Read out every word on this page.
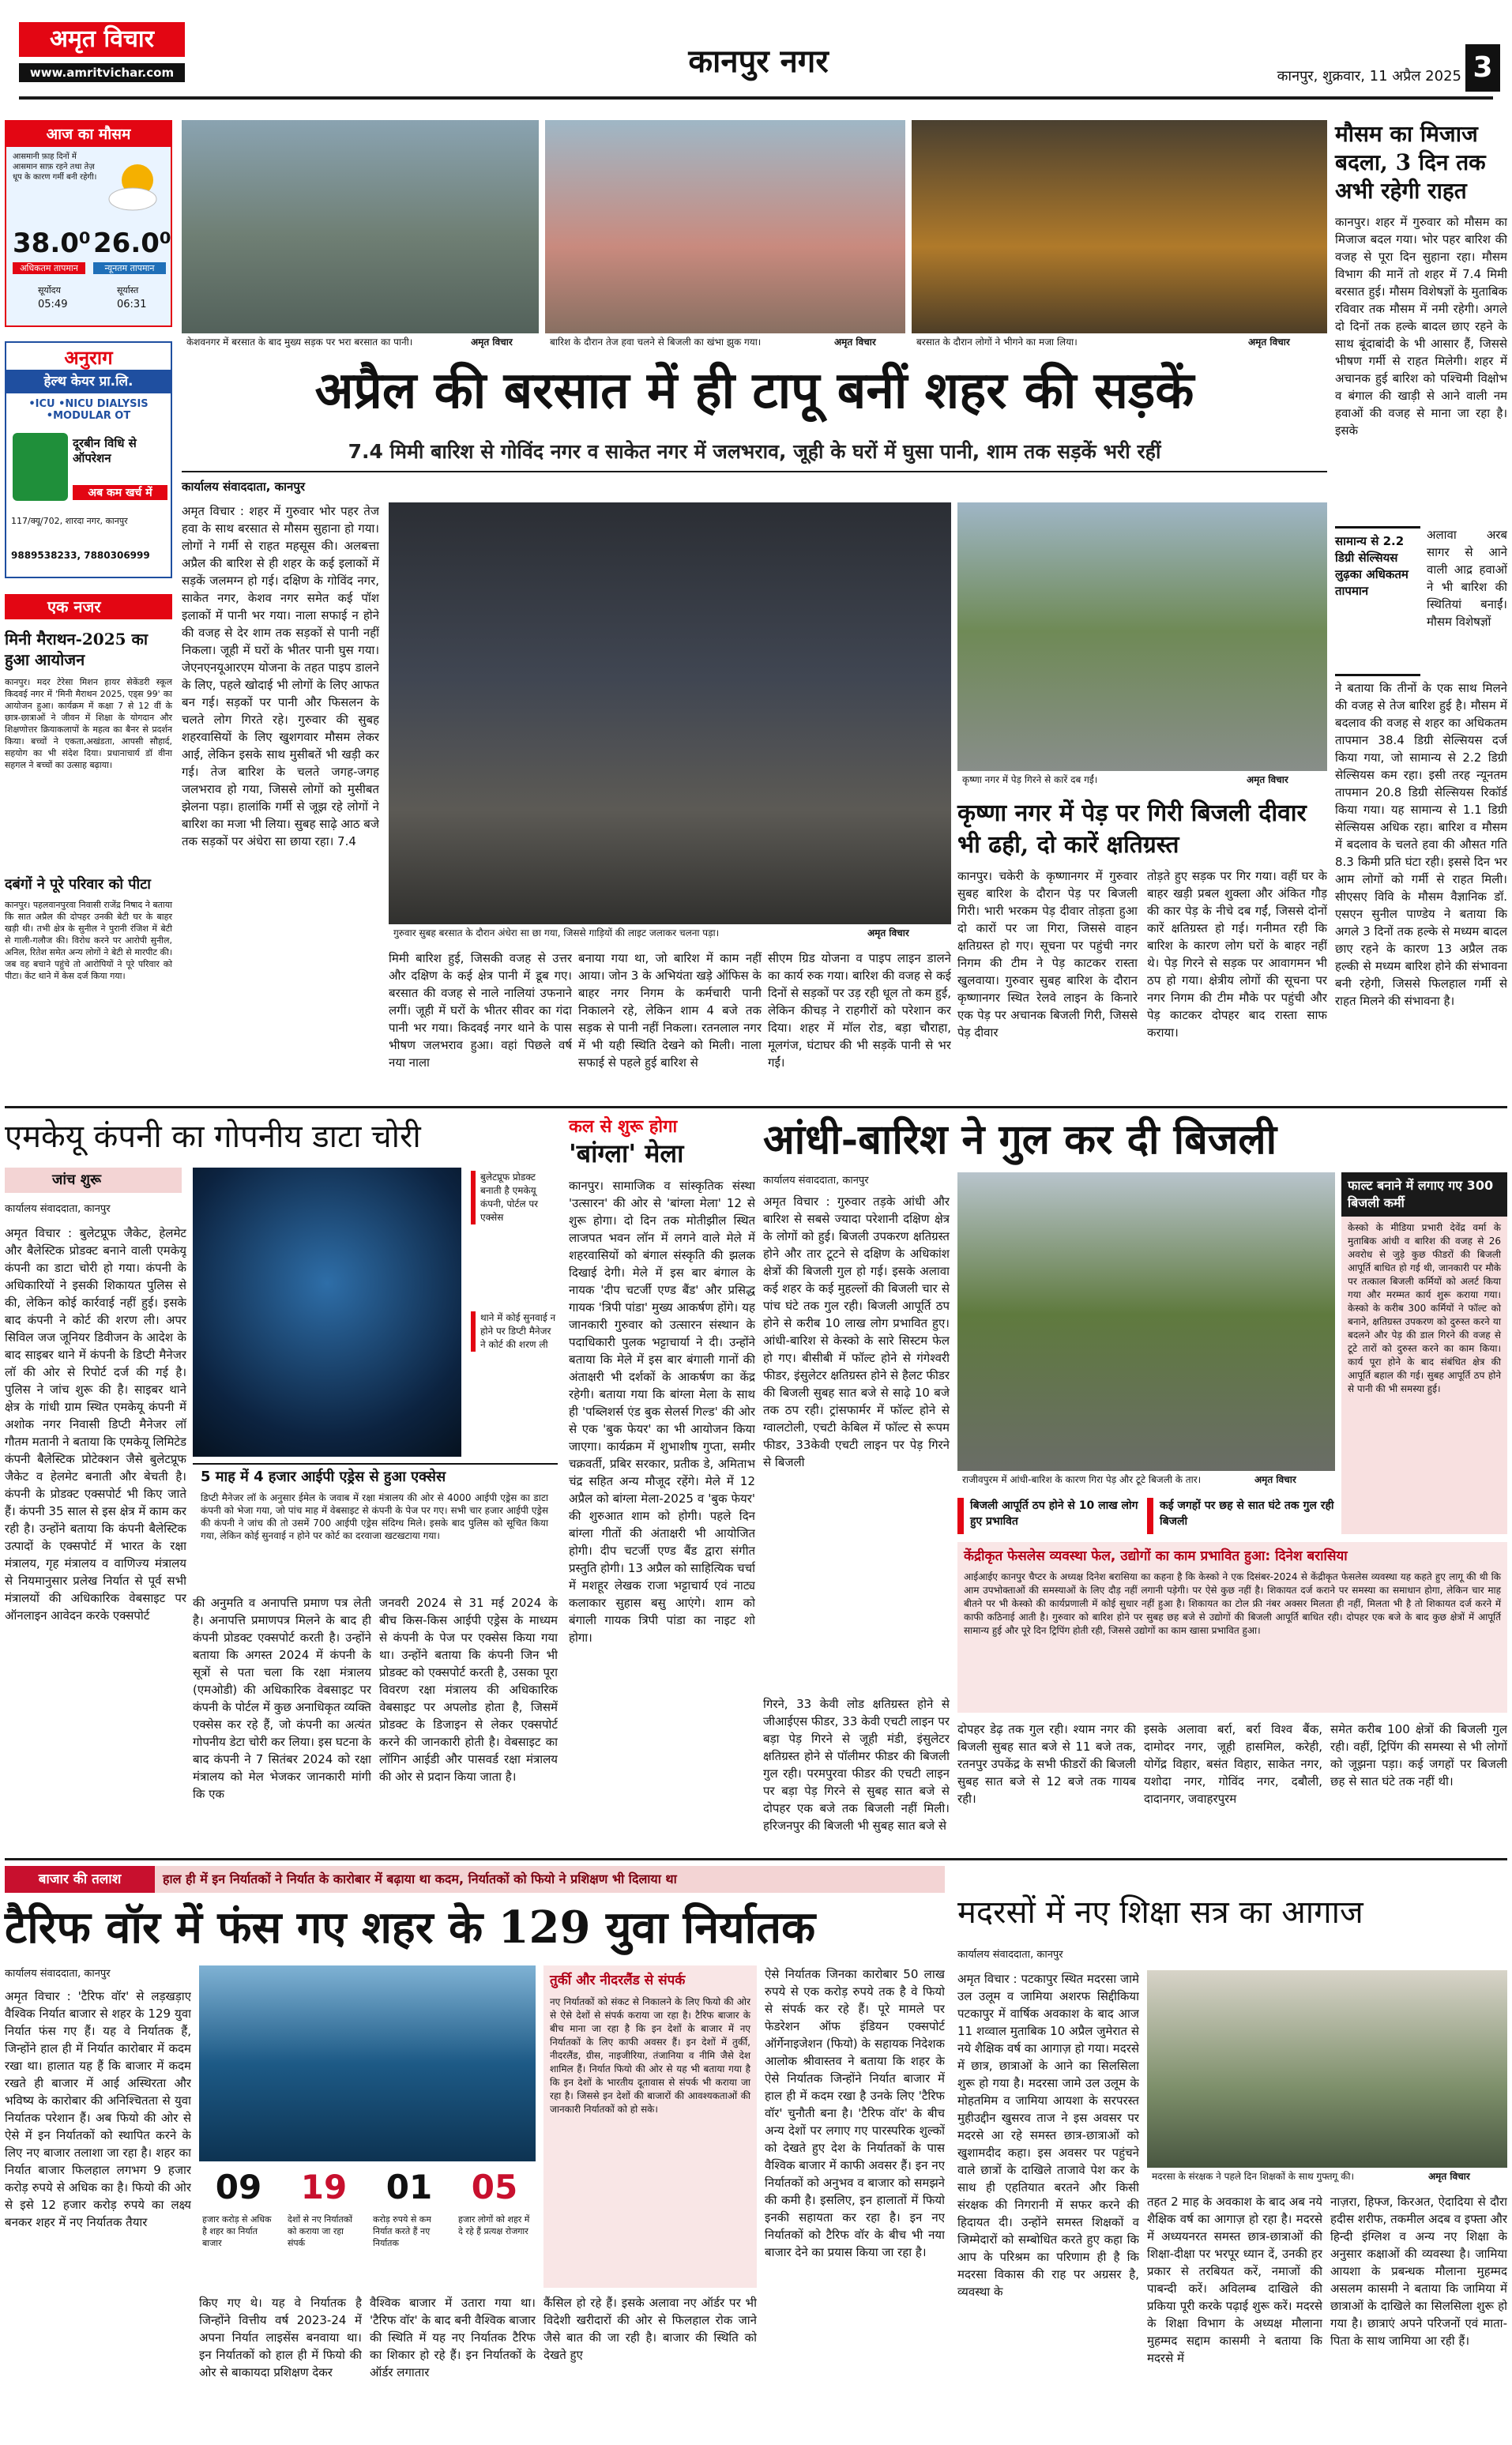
अमृत विचार
www.amritvichar.com	कानपुर नगर	कानपुर, शुक्रवार, 11 अप्रैल 2025 3
आज का मौसम
आसमानी फ़ाह दिनों में आसमान साफ़ रहने तथा तेज़ धूप के कारण गर्मी बनी रहेगी।
38.0⁰
अधिकतम तापमान
26.0⁰
न्यूनतम तापमान
सूर्योदय
05:49
सूर्यास्त
06:31
अनुराग
हेल्थ केयर प्रा.लि.
•ICU •NICU DIALYSIS •MODULAR OT
दूरबीन विधि से ऑपरेशन
अब कम खर्च में
117/क्यू/702, शारदा नगर, कानपुर
9889538233, 7880306999
एक नजर
मिनी मैराथन-2025 का हुआ आयोजन
कानपुर। मदर टेरेसा मिशन हायर सेकेंडरी स्कूल किदवई नगर में 'मिनी मैराथन 2025, एड्स 99' का आयोजन हुआ। कार्यक्रम में कक्षा 7 से 12 वीं के छात्र-छात्राओं ने जीवन में शिक्षा के योगदान और शिक्षणोत्तर क्रियाकलापों के महत्व का बैनर से प्रदर्शन किया। बच्चों ने एकता,अखंडता, आपसी सौहार्द, सहयोग का भी संदेश दिया। प्रधानाचार्य डॉ वीना सहगल ने बच्चों का उत्साह बढ़ाया।
दबंगों ने पूरे परिवार को पीटा
कानपुर। पहलवानपुरवा निवासी राजेंद्र निषाद ने बताया कि सात अप्रैल की दोपहर उनकी बेटी घर के बाहर खड़ी थी। तभी क्षेत्र के सुनील ने पुरानी रंजिश में बेटी से गाली-गलौज की। विरोध करने पर आरोपी सुनील, अनिल, रितेश समेत अन्य लोगों ने बेटी से मारपीट की। जब वह बचाने पहुंचे तो आरोपियों ने पूरे परिवार को पीटा। केंट थाने में केस दर्ज किया गया।
केशवनगर में बरसात के बाद मुख्य सड़क पर भरा बरसात का पानी।	अमृत विचार	बारिश के दौरान तेज हवा चलने से बिजली का खंभा झुक गया।	अमृत विचार	बरसात के दौरान लोगों ने भीगने का मजा लिया।	अमृत विचार
अप्रैल की बरसात में ही टापू बनीं शहर की सड़कें
7.4 मिमी बारिश से गोविंद नगर व साकेत नगर में जलभराव, जूही के घरों में घुसा पानी, शाम तक सड़कें भरी रहीं
कार्यालय संवाददाता, कानपुर
अमृत विचार : शहर में गुरुवार भोर पहर तेज हवा के साथ बरसात से मौसम सुहाना हो गया। लोगों ने गर्मी से राहत महसूस की। अलबत्ता अप्रैल की बारिश से ही शहर के कई इलाकों में सड़कें जलमग्न हो गई। दक्षिण के गोविंद नगर, साकेत नगर, केशव नगर समेत कई पॉश इलाकों में पानी भर गया। नाला सफाई न होने की वजह से देर शाम तक सड़कों से पानी नहीं निकला। जूही में घरों के भीतर पानी घुस गया। जेएनएनयूआरएम योजना के तहत पाइप डालने के लिए, पहले खोदाई भी लोगों के लिए आफत बन गई। सड़कों पर पानी और फिसलन के चलते लोग गिरते रहे। गुरुवार की सुबह शहरवासियों के लिए खुशगवार मौसम लेकर आई, लेकिन इसके साथ मुसीबतें भी खड़ी कर गई। तेज बारिश के चलते जगह-जगह जलभराव हो गया, जिससे लोगों को मुसीबत झेलना पड़ा। हालांकि गर्मी से जूझ रहे लोगों ने बारिश का मजा भी लिया। सुबह साढ़े आठ बजे तक सड़कों पर अंधेरा सा छाया रहा। 7.4
गुरुवार सुबह बरसात के दौरान अंधेरा सा छा गया, जिससे गाड़ियों की लाइट जलाकर चलना पड़ा।	अमृत विचार
मिमी बारिश हुई, जिसकी वजह से उत्तर और दक्षिण के कई क्षेत्र पानी में डूब गए। बरसात की वजह से नाले नालियां उफनाने लगीं। जूही में घरों के भीतर सीवर का गंदा पानी भर गया। किदवई नगर थाने के पास भीषण जलभराव हुआ। वहां पिछले वर्ष नया नाला
बनाया गया था, जो बारिश में काम नहीं आया। जोन 3 के अभियंता खड़े ऑफिस के बाहर नगर निगम के कर्मचारी पानी निकालने रहे, लेकिन शाम 4 बजे तक सड़क से पानी नहीं निकला। रतनलाल नगर में भी यही स्थिति देखने को मिली। नाला सफाई से पहले हुई बारिश से
सीएम ग्रिड योजना व पाइप लाइन डालने का कार्य रुक गया। बारिश की वजह से कई दिनों से सड़कों पर उड़ रही धूल तो कम हुई, लेकिन कीचड़ ने राहगीरों को परेशान कर दिया। शहर में मॉल रोड, बड़ा चौराहा, मूलगंज, घंटाघर की भी सड़कें पानी से भर गईं।
कृष्णा नगर में पेड़ गिरने से कारें दब गईं।	अमृत विचार
कृष्णा नगर में पेड़ पर गिरी बिजली दीवार भी ढही, दो कारें क्षतिग्रस्त
कानपुर। चकेरी के कृष्णानगर में गुरुवार सुबह बारिश के दौरान पेड़ पर बिजली गिरी। भारी भरकम पेड़ दीवार तोड़ता हुआ दो कारों पर जा गिरा, जिससे वाहन क्षतिग्रस्त हो गए। सूचना पर पहुंची नगर निगम की टीम ने पेड़ काटकर रास्ता खुलवाया। गुरुवार सुबह बारिश के दौरान कृष्णानगर स्थित रेलवे लाइन के किनारे एक पेड़ पर अचानक बिजली गिरी, जिससे पेड़ दीवार
तोड़ते हुए सड़क पर गिर गया। वहीं घर के बाहर खड़ी प्रबल शुक्ला और अंकित गौड़ की कार पेड़ के नीचे दब गईं, जिससे दोनों कारें क्षतिग्रस्त हो गई। गनीमत रही कि बारिश के कारण लोग घरों के बाहर नहीं थे। पेड़ गिरने से सड़क पर आवागमन भी ठप हो गया। क्षेत्रीय लोगों की सूचना पर नगर निगम की टीम मौके पर पहुंची और पेड़ काटकर दोपहर बाद रास्ता साफ कराया।
मौसम का मिजाज बदला, 3 दिन तक अभी रहेगी राहत
कानपुर। शहर में गुरुवार को मौसम का मिजाज बदल गया। भोर पहर बारिश की वजह से पूरा दिन सुहाना रहा। मौसम विभाग की मानें तो शहर में 7.4 मिमी बरसात हुई। मौसम विशेषज्ञों के मुताबिक रविवार तक मौसम में नमी रहेगी। अगले दो दिनों तक हल्के बादल छाए रहने के साथ बूंदाबांदी के भी आसार हैं, जिससे भीषण गर्मी से राहत मिलेगी। शहर में अचानक हुई बारिश को पश्चिमी विक्षोभ व बंगाल की खाड़ी से आने वाली नम हवाओं की वजह से माना जा रहा है। इसके
सामान्य से 2.2 डिग्री सेल्सियस लुढ़का अधिकतम तापमान
अलावा अरब सागर से आने वाली आद्र हवाओं ने भी बारिश की स्थितियां बनाईं। मौसम विशेषज्ञों
ने बताया कि तीनों के एक साथ मिलने की वजह से तेज बारिश हुई है। मौसम में बदलाव की वजह से शहर का अधिकतम तापमान 38.4 डिग्री सेल्सियस दर्ज किया गया, जो सामान्य से 2.2 डिग्री सेल्सियस कम रहा। इसी तरह न्यूनतम तापमान 20.8 डिग्री सेल्सियस रिकॉर्ड किया गया। यह सामान्य से 1.1 डिग्री सेल्सियस अधिक रहा। बारिश व मौसम में बदलाव के चलते हवा की औसत गति 8.3 किमी प्रति घंटा रही। इससे दिन भर आम लोगों को गर्मी से राहत मिली। सीएसए विवि के मौसम वैज्ञानिक डॉ. एसएन सुनील पाण्डेय ने बताया कि अगले 3 दिनों तक हल्के से मध्यम बादल छाए रहने के कारण 13 अप्रैल तक हल्की से मध्यम बारिश होने की संभावना बनी रहेगी, जिससे फिलहाल गर्मी से राहत मिलने की संभावना है।
एमकेयू कंपनी का गोपनीय डाटा चोरी
जांच शुरू
कार्यालय संवाददाता, कानपुर
अमृत विचार : बुलेटप्रूफ जैकेट, हेलमेट और बैलेस्टिक प्रोडक्ट बनाने वाली एमकेयू कंपनी का डाटा चोरी हो गया। कंपनी के अधिकारियों ने इसकी शिकायत पुलिस से की, लेकिन कोई कार्रवाई नहीं हुई। इसके बाद कंपनी ने कोर्ट की शरण ली। अपर सिविल जज जूनियर डिवीजन के आदेश के बाद साइबर थाने में कंपनी के डिप्टी मैनेजर लॉ की ओर से रिपोर्ट दर्ज की गई है। पुलिस ने जांच शुरू की है। साइबर थाने क्षेत्र के गांधी ग्राम स्थित एमकेयू कंपनी में अशोक नगर निवासी डिप्टी मैनेजर लॉ गौतम मतानी ने बताया कि एमकेयू लिमिटेड कंपनी बैलेस्टिक प्रोटेक्शन जैसे बुलेटप्रूफ जैकेट व हेलमेट बनाती और बेचती है। कंपनी के प्रोडक्ट एक्सपोर्ट भी किए जाते हैं। कंपनी 35 साल से इस क्षेत्र में काम कर रही है। उन्होंने बताया कि कंपनी बैलेस्टिक उत्पादों के एक्सपोर्ट में भारत के रक्षा मंत्रालय, गृह मंत्रालय व वाणिज्य मंत्रालय से नियमानुसार प्रलेख निर्यात से पूर्व सभी मंत्रालयों की अधिकारिक वेबसाइट पर ऑनलाइन आवेदन करके एक्सपोर्ट
बुलेटप्रूफ प्रोडक्ट बनाती है एमकेयू कंपनी, पोर्टल पर एक्सेस
थाने में कोई सुनवाई न होने पर डिप्टी मैनेजर ने कोर्ट की शरण ली
5 माह में 4 हजार आईपी एड्रेस से हुआ एक्सेस
डिप्टी मैनेजर लॉ के अनुसार ईमेल के जवाब में रक्षा मंत्रालय की ओर से 4000 आईपी एड्रेस का डाटा कंपनी को भेजा गया, जो पांच माह में वेबसाइट से कंपनी के पेज पर गए। सभी चार हजार आईपी एड्रेस की कंपनी ने जांच की तो उसमें 700 आईपी एड्रेस संदिग्ध मिले। इसके बाद पुलिस को सूचित किया गया, लेकिन कोई सुनवाई न होने पर कोर्ट का दरवाजा खटखटाया गया।
की अनुमति व अनापत्ति प्रमाण पत्र लेती है। अनापत्ति प्रमाणपत्र मिलने के बाद ही कंपनी प्रोडक्ट एक्सपोर्ट करती है। उन्होंने बताया कि अगस्त 2024 में कंपनी के सूत्रों से पता चला कि रक्षा मंत्रालय (एमओडी) की अधिकारिक वेबसाइट पर कंपनी के पोर्टल में कुछ अनाधिकृत व्यक्ति एक्सेस कर रहे हैं, जो कंपनी का अत्यंत गोपनीय डेटा चोरी कर लिया। इस घटना के बाद कंपनी ने 7 सितंबर 2024 को रक्षा मंत्रालय को मेल भेजकर जानकारी मांगी कि एक
जनवरी 2024 से 31 मई 2024 के बीच किस-किस आईपी एड्रेस के माध्यम से कंपनी के पेज पर एक्सेस किया गया था। उन्होंने बताया कि कंपनी जिन भी प्रोडक्ट को एक्सपोर्ट करती है, उसका पूरा विवरण रक्षा मंत्रालय की अधिकारिक वेबसाइट पर अपलोड होता है, जिसमें प्रोडक्ट के डिजाइन से लेकर एक्सपोर्ट करने की जानकारी होती है। वेबसाइट का लॉगिन आईडी और पासवर्ड रक्षा मंत्रालय की ओर से प्रदान किया जाता है।
कल से शुरू होगा
'बांग्ला' मेला
कानपुर। सामाजिक व सांस्कृतिक संस्था 'उत्सारन' की ओर से 'बांग्ला मेला' 12 से शुरू होगा। दो दिन तक मोतीझील स्थित लाजपत भवन लॉन में लगने वाले मेले में शहरवासियों को बंगाल संस्कृति की झलक दिखाई देगी। मेले में इस बार बंगाल के नायक 'दीप चटर्जी एण्ड बैंड' और प्रसिद्ध गायक 'त्रिपी पांडा' मुख्य आकर्षण होंगे। यह जानकारी गुरुवार को उत्सारन संस्थान के पदाधिकारी पुलक भट्टाचार्या ने दी। उन्होंने बताया कि मेले में इस बार बंगाली गानों की अंताक्षरी भी दर्शकों के आकर्षण का केंद्र रहेगी। बताया गया कि बांग्ला मेला के साथ ही 'पब्लिशर्स एंड बुक सेलर्स गिल्ड' की ओर से एक 'बुक फेयर' का भी आयोजन किया जाएगा। कार्यक्रम में शुभाशीष गुप्ता, समीर चक्रवर्ती, प्रबिर सरकार, प्रतीक डे, अमिताभ चंद्र सहित अन्य मौजूद रहेंगे। मेले में 12 अप्रैल को बांग्ला मेला-2025 व 'बुक फेयर' की शुरुआत शाम को होगी। पहले दिन बांग्ला गीतों की अंताक्षरी भी आयोजित होगी। दीप चटर्जी एण्ड बैंड द्वारा संगीत प्रस्तुति होगी। 13 अप्रैल को साहित्यिक चर्चा में मशहूर लेखक राजा भट्टाचार्य एवं नाट्य कलाकार सुहास बसु आएंगे। शाम को बंगाली गायक त्रिपी पांडा का नाइट शो होगा।
आंधी-बारिश ने गुल कर दी बिजली
कार्यालय संवाददाता, कानपुर
अमृत विचार : गुरुवार तड़के आंधी और बारिश से सबसे ज्यादा परेशानी दक्षिण क्षेत्र के लोगों को हुई। बिजली उपकरण क्षतिग्रस्त होने और तार टूटने से दक्षिण के अधिकांश क्षेत्रों की बिजली गुल हो गई। इसके अलावा कई शहर के कई मुहल्लों की बिजली चार से पांच घंटे तक गुल रही। बिजली आपूर्ति ठप होने से करीब 10 लाख लोग प्रभावित हुए। आंधी-बारिश से केस्को के सारे सिस्टम फेल हो गए। बीसीबी में फॉल्ट होने से गंगेश्वरी फीडर, इंसुलेटर क्षतिग्रस्त होने से हैलट फीडर की बिजली सुबह सात बजे से साढ़े 10 बजे तक ठप रही। ट्रांसफार्मर में फॉल्ट होने से ग्वालटोली, एचटी केबिल में फॉल्ट से रूपम फीडर, 33केवी एचटी लाइन पर पेड़ गिरने से बिजली
राजीवपुरम में आंधी-बारिश के कारण गिरा पेड़ और टूटे बिजली के तार।	अमृत विचार
बिजली आपूर्ति ठप होने से 10 लाख लोग हुए प्रभावित
कई जगहों पर छह से सात घंटे तक गुल रही बिजली
फाल्ट बनाने में लगाए गए 300 बिजली कर्मी
केस्को के मीडिया प्रभारी देवेंद्र वर्मा के मुताबिक आंधी व बारिश की वजह से 26 अवरोध से जुड़े कुछ फीडरों की बिजली आपूर्ति बाधित हो गई थी, जानकारी पर मौके पर तत्काल बिजली कर्मियों को अलर्ट किया गया और मरम्मत कार्य शुरू कराया गया। केस्को के करीब 300 कर्मियों ने फॉल्ट को बनाने, क्षतिग्रस्त उपकरण को दुरुस्त करने या बदलने और पेड़ की डाल गिरने की वजह से टूटे तारों को दुरुस्त करने का काम किया। कार्य पूरा होने के बाद संबंधित क्षेत्र की आपूर्ति बहाल की गई। सुबह आपूर्ति ठप होने से पानी की भी समस्या हुई।
गिरने, 33 केवी लोड क्षतिग्रस्त होने से जीआईएस फीडर, 33 केवी एचटी लाइन पर बड़ा पेड़ गिरने से जूही मंडी, इंसुलेटर क्षतिग्रस्त होने से पॉलीमर फीडर की बिजली गुल रही। परमपुरवा फीडर की एचटी लाइन पर बड़ा पेड़ गिरने से सुबह सात बजे से दोपहर एक बजे तक बिजली नहीं मिली। हरिजनपुर की बिजली भी सुबह सात बजे से
केंद्रीकृत फेसलेस व्यवस्था फेल, उद्योगों का काम प्रभावित हुआ: दिनेश बरासिया
आईआईए कानपुर चैप्टर के अध्यक्ष दिनेश बरासिया का कहना है कि केस्को ने एक दिसंबर-2024 से केंद्रीकृत फेसलेस व्यवस्था यह कहते हुए लागू की थी कि आम उपभोक्ताओं की समस्याओं के लिए दौड़ नहीं लगानी पड़ेगी। पर ऐसे कुछ नहीं है। शिकायत दर्ज कराने पर समस्या का समाधान होगा, लेकिन चार माह बीतने पर भी केस्को की कार्यप्रणाली में कोई सुधार नहीं हुआ है। शिकायत का टोल फ्री नंबर अक्सर मिलता ही नहीं, मिलता भी है तो शिकायत दर्ज करने में काफी कठिनाई आती है। गुरुवार को बारिश होने पर सुबह छह बजे से उद्योगों की बिजली आपूर्ति बाधित रही। दोपहर एक बजे के बाद कुछ क्षेत्रों में आपूर्ति सामान्य हुई और पूरे दिन ट्रिपिंग होती रही, जिससे उद्योगों का काम खासा प्रभावित हुआ।
दोपहर डेढ़ तक गुल रही। श्याम नगर की बिजली सुबह सात बजे से 11 बजे तक, रतनपुर उपकेंद्र के सभी फीडरों की बिजली सुबह सात बजे से 12 बजे तक गायब रही।
इसके अलावा बर्रा, बर्रा विश्व बैंक, दामोदर नगर, जूही हासमिल, करेही, योगेंद्र विहार, बसंत विहार, साकेत नगर, यशोदा नगर, गोविंद नगर, दबौली, दादानगर, जवाहरपुरम
समेत करीब 100 क्षेत्रों की बिजली गुल रही। वहीं, ट्रिपिंग की समस्या से भी लोगों को जूझना पड़ा। कई जगहों पर बिजली छह से सात घंटे तक नहीं थी।
बाजार की तलाश	हाल ही में इन निर्यातकों ने निर्यात के कारोबार में बढ़ाया था कदम, निर्यातकों को फियो ने प्रशिक्षण भी दिलाया था
टैरिफ वॉर में फंस गए शहर के 129 युवा निर्यातक
कार्यालय संवाददाता, कानपुर
अमृत विचार : 'टैरिफ वॉर' से लड़खड़ाए वैश्विक निर्यात बाजार से शहर के 129 युवा निर्यात फंस गए हैं। यह वे निर्यातक हैं, जिन्होंने हाल ही में निर्यात कारोबार में कदम रखा था। हालात यह हैं कि बाजार में कदम रखते ही बाजार में आई अस्थिरता और भविष्य के कारोबार की अनिश्चितता से युवा निर्यातक परेशान हैं। अब फियो की ओर से ऐसे में इन निर्यातकों को स्थापित करने के लिए नए बाजार तलाशा जा रहा है। शहर का निर्यात बाजार फिलहाल लगभग 9 हजार करोड़ रुपये से अधिक का है। फियो की ओर से इसे 12 हजार करोड़ रुपये का लक्ष्य बनकर शहर में नए निर्यातक तैयार
09
हजार करोड़ से अधिक है शहर का निर्यात बाजार
19
देशों से नए निर्यातकों को कराया जा रहा संपर्क
01
करोड़ रुपये से कम निर्यात करते हैं नए निर्यातक
05
हजार लोगों को शहर में दे रहे हैं प्रत्यक्ष रोजगार
किए गए थे। यह वे निर्यातक है जिन्होंने वित्तीय वर्ष 2023-24 में अपना निर्यात लाइसेंस बनवाया था। इन निर्यातकों को हाल ही में फियो की ओर से बाकायदा प्रशिक्षण देकर
वैश्विक बाजार में उतारा गया था। 'टैरिफ वॉर' के बाद बनी वैश्विक बाजार की स्थिति में यह नए निर्यातक टैरिफ का शिकार हो रहे हैं। इन निर्यातकों के ऑर्डर लगातार
तुर्की और नीदरलैंड से संपर्क
नए निर्यातकों को संकट से निकालने के लिए फियो की ओर से ऐसे देशों से संपर्क कराया जा रहा है। टैरिफ बाजार के बीच माना जा रहा है कि इन देशों के बाजार में नए निर्यातकों के लिए काफी अवसर हैं। इन देशों में तुर्की, नीदरलैंड, ग्रीस, नाइजीरिया, तंजानिया व नीमि जैसे देश शामिल हैं। निर्यात फियो की ओर से यह भी बताया गया है कि इन देशों के भारतीय दूतावास से संपर्क भी कराया जा रहा है। जिससे इन देशों की बाजारों की आवश्यकताओं की जानकारी निर्यातकों को हो सके।
कैंसिल हो रहे हैं। इसके अलावा नए ऑर्डर पर भी विदेशी खरीदारों की ओर से फिलहाल रोक जाने जैसे बात की जा रही है। बाजार की स्थिति को देखते हुए
ऐसे निर्यातक जिनका कारोबार 50 लाख रुपये से एक करोड़ रुपये तक है वे फियो से संपर्क कर रहे हैं। पूरे मामले पर फेडरेशन ऑफ इंडियन एक्सपोर्ट ऑर्गेनाइजेशन (फियो) के सहायक निदेशक आलोक श्रीवास्तव ने बताया कि शहर के ऐसे निर्यातक जिन्होंने निर्यात बाजार में हाल ही में कदम रखा है उनके लिए 'टैरिफ वॉर' चुनौती बना है। 'टैरिफ वॉर' के बीच अन्य देशों पर लगाए गए पारस्परिक शुल्कों को देखते हुए देश के निर्यातकों के पास वैश्विक बाजार में काफी अवसर हैं। इन नए निर्यातकों को अनुभव व बाजार को समझने की कमी है। इसलिए, इन हालातों में फियो इनकी सहायता कर रहा है। इन नए निर्यातकों को टैरिफ वॉर के बीच भी नया बाजार देने का प्रयास किया जा रहा है।
मदरसों में नए शिक्षा सत्र का आगाज
कार्यालय संवाददाता, कानपुर
अमृत विचार : पटकापुर स्थित मदरसा जामे उल उलूम व जामिया अशरफ सिद्दीकिया पटकापुर में वार्षिक अवकाश के बाद आज 11 शव्वाल मुताबिक 10 अप्रैल जुमेरात से नये शैक्षिक वर्ष का आगाज़ हो गया। मदरसे में छात्र, छात्राओं के आने का सिलसिला शुरू हो गया है। मदरसा जामे उल उलूम के मोहतमिम व जामिया आयशा के सरपरस्त मुहीउद्दीन खुसरव ताज ने इस अवसर पर मदरसे आ रहे समस्त छात्र-छात्राओं को खुशामदीद कहा। इस अवसर पर पहुंचने वाले छात्रों के दाखिले ताजावे पेश कर के साथ ही एहतियात बरतने और किसी संरक्षक की निगरानी में सफर करने की हिदायत दी। उन्होंने समस्त शिक्षकों व जिम्मेदारों को सम्बोधित करते हुए कहा कि आप के परिश्रम का परिणाम ही है कि मदरसा विकास की राह पर अग्रसर है, व्यवस्था के
मदरसा के संरक्षक ने पहले दिन शिक्षकों के साथ गुफ्तगू की।	अमृत विचार
तहत 2 माह के अवकाश के बाद अब नये शैक्षिक वर्ष का आगाज़ हो रहा है। मदरसे में अध्ययनरत समस्त छात्र-छात्राओं की शिक्षा-दीक्षा पर भरपूर ध्यान दें, उनकी हर प्रकार से तरबियत करें, नमाजों की पाबन्दी करें। अविलम्ब दाखिले की प्रकिया पूरी करके पढ़ाई शुरू करें। मदरसे के शिक्षा विभाग के अध्यक्ष मौलाना मुहम्मद सद्दाम कासमी ने बताया कि मदरसे में
नाज़रा, हिफ्ज, किरअत, ऐदादिया से दौरा हदीस शरीफ, तकमील अदब व इफ्ता और हिन्दी इंग्लिश व अन्य नए शिक्षा के अनुसार कक्षाओं की व्यवस्था है। जामिया आयशा के प्रबन्धक मौलाना मुहम्मद असलम कासमी ने बताया कि जामिया में छात्राओं के दाखिले का सिलसिला शुरू हो गया है। छात्राएं अपने परिजनों एवं माता-पिता के साथ जामिया आ रही हैं।
